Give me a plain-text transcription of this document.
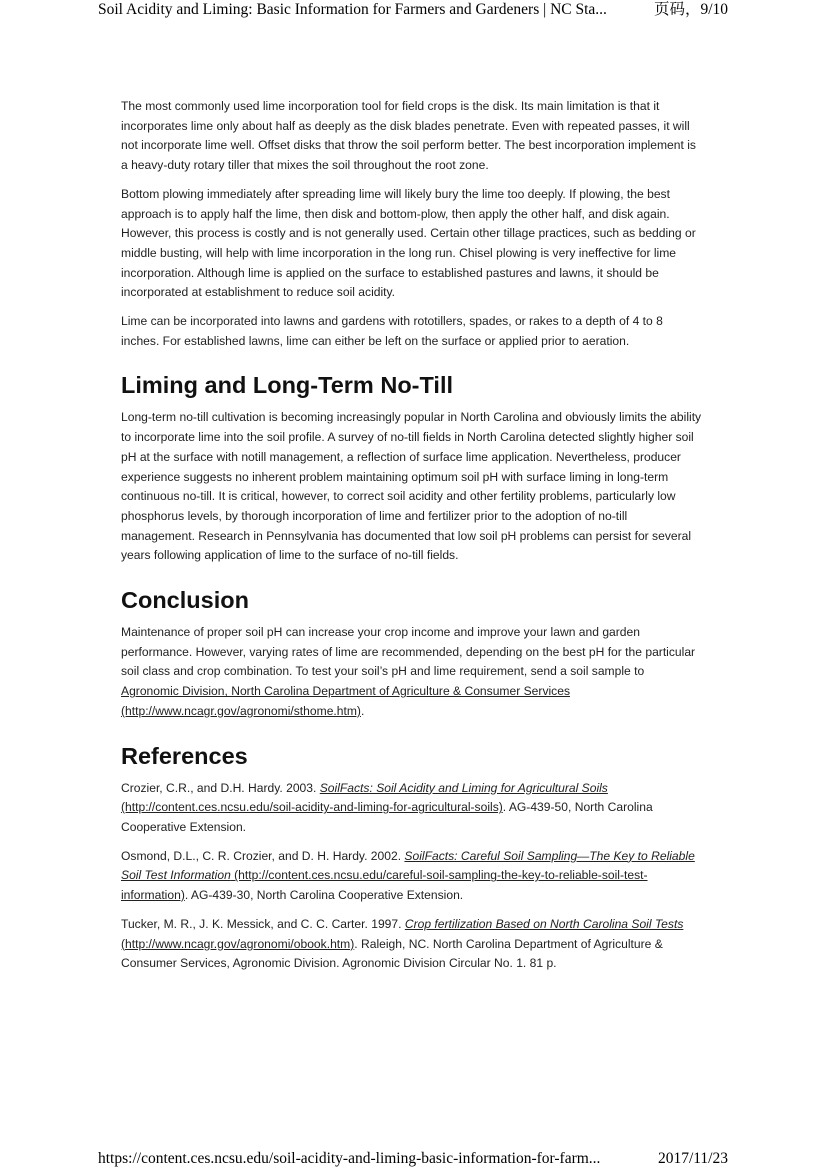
Soil Acidity and Liming: Basic Information for Farmers and Gardeners | NC Sta...	页码，9/10

The most commonly used lime incorporation tool for field crops is the disk. Its main limitation is that it incorporates lime only about half as deeply as the disk blades penetrate. Even with repeated passes, it will not incorporate lime well. Offset disks that throw the soil perform better. The best incorporation implement is a heavy-duty rotary tiller that mixes the soil throughout the root zone.

Bottom plowing immediately after spreading lime will likely bury the lime too deeply. If plowing, the best approach is to apply half the lime, then disk and bottom-plow, then apply the other half, and disk again. However, this process is costly and is not generally used. Certain other tillage practices, such as bedding or middle busting, will help with lime incorporation in the long run. Chisel plowing is very ineffective for lime incorporation. Although lime is applied on the surface to established pastures and lawns, it should be incorporated at establishment to reduce soil acidity.

Lime can be incorporated into lawns and gardens with rototillers, spades, or rakes to a depth of 4 to 8 inches. For established lawns, lime can either be left on the surface or applied prior to aeration.

Liming and Long-Term No-Till

Long-term no-till cultivation is becoming increasingly popular in North Carolina and obviously limits the ability to incorporate lime into the soil profile. A survey of no-till fields in North Carolina detected slightly higher soil pH at the surface with notill management, a reflection of surface lime application. Nevertheless, producer experience suggests no inherent problem maintaining optimum soil pH with surface liming in long-term continuous no-till. It is critical, however, to correct soil acidity and other fertility problems, particularly low phosphorus levels, by thorough incorporation of lime and fertilizer prior to the adoption of no-till management. Research in Pennsylvania has documented that low soil pH problems can persist for several years following application of lime to the surface of no-till fields.

Conclusion

Maintenance of proper soil pH can increase your crop income and improve your lawn and garden performance. However, varying rates of lime are recommended, depending on the best pH for the particular soil class and crop combination. To test your soil’s pH and lime requirement, send a soil sample to Agronomic Division, North Carolina Department of Agriculture & Consumer Services (http://www.ncagr.gov/agronomi/sthome.htm).

References

Crozier, C.R., and D.H. Hardy. 2003. SoilFacts: Soil Acidity and Liming for Agricultural Soils (http://content.ces.ncsu.edu/soil-acidity-and-liming-for-agricultural-soils). AG-439-50, North Carolina Cooperative Extension.

Osmond, D.L., C. R. Crozier, and D. H. Hardy. 2002. SoilFacts: Careful Soil Sampling—The Key to Reliable Soil Test Information (http://content.ces.ncsu.edu/careful-soil-sampling-the-key-to-reliable-soil-test-information). AG-439-30, North Carolina Cooperative Extension.

Tucker, M. R., J. K. Messick, and C. C. Carter. 1997. Crop fertilization Based on North Carolina Soil Tests (http://www.ncagr.gov/agronomi/obook.htm). Raleigh, NC. North Carolina Department of Agriculture & Consumer Services, Agronomic Division. Agronomic Division Circular No. 1. 81 p.

https://content.ces.ncsu.edu/soil-acidity-and-liming-basic-information-for-farm...	2017/11/23
